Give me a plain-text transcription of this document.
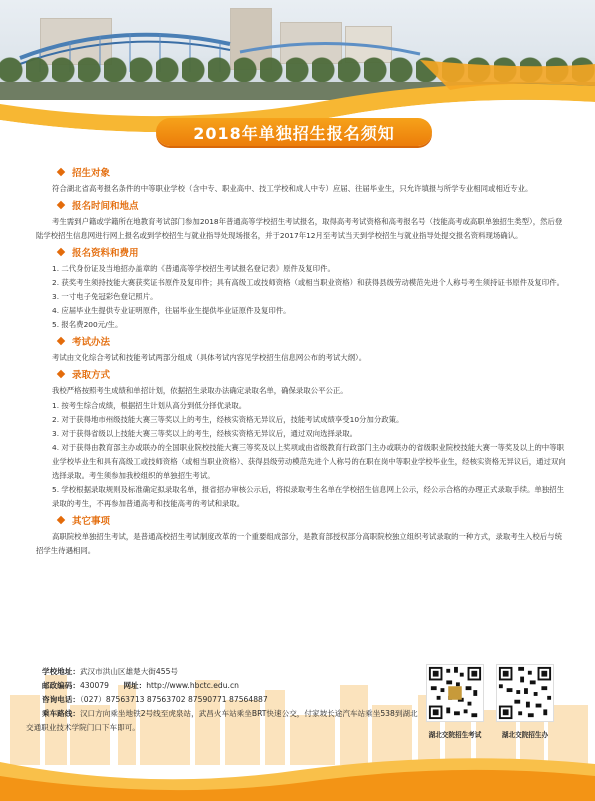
2018年单独招生报名须知
招生对象

符合湖北省高考报名条件的中等职业学校（含中专、职业高中、技工学校和成人中专）应届、往届毕业生，只允许填报与所学专业相同或相近专业。

报名时间和地点

考生需到户籍或学籍所在地教育考试部门参加2018年普通高等学校招生考试报名，取得高考考试资格和高考报名号（技能高考或高职单独招生类型），然后登陆学校招生信息网进行网上报名或到学校招生与就业指导处现场报名，并于2017年12月至考试当天到学校招生与就业指导处提交报名资料现场确认。

报名资料和费用

1. 二代身份证及当地招办盖章的《普通高等学校招生考试报名登记表》原件及复印件。

2. 获奖考生须持技能大赛获奖证书原件及复印件；具有高级工或技师资格（或相当职业资格）和获得县级劳动模范先进个人称号考生须持证书原件及复印件。

3. 一寸电子免冠彩色登记照片。

4. 应届毕业生提供专业证明原件，往届毕业生提供毕业证原件及复印件。

5. 报名费200元/生。

考试办法

考试由文化综合考试和技能考试两部分组成（具体考试内容见学校招生信息网公布的考试大纲）。

录取方式

我校严格按照考生成绩和单招计划，依据招生录取办法确定录取名单，确保录取公平公正。

1. 按考生综合成绩，根据招生计划从高分到低分择优录取。

2. 对于获得地市州级技能大赛三等奖以上的考生，经核实资格无异议后，技能考试成绩享受10分加分政策。

3. 对于获得省级以上技能大赛三等奖以上的考生，经核实资格无异议后，通过双向选择录取。

4. 对于获得由教育部主办或联办的全国职业院校技能大赛三等奖及以上奖项或由省级教育行政部门主办或联办的省级职业院校技能大赛一等奖及以上的中等职业学校毕业生和具有高级工或技师资格（或相当职业资格）、获得县级劳动模范先进个人称号的在职在岗中等职业学校毕业生，经核实资格无异议后，通过双向选择录取。考生须参加我校组织的单独招生考试。

5. 学校根据录取规则及标准确定拟录取名单，报省招办审核公示后，将拟录取考生名单在学校招生信息网上公示，经公示合格的办理正式录取手续。单独招生录取的考生，不再参加普通高考和技能高考的考试和录取。

其它事项

高职院校单独招生考试，是普通高校招生考试制度改革的一个重要组成部分，是教育部授权部分高职院校独立组织考试录取的一种方式，录取考生入校后与统招学生待遇相同。

学校地址：武汉市洪山区雄楚大街455号
邮政编码：430079 网址：http://www.hbctc.edu.cn
咨询电话：（027）87563713 87563702 87590771 87564887
乘车路线：汉口方向乘坐地铁2号线至虎泉站，武昌火车站乘坐BRT快速公交，付家坡长途汽车站乘坐538到湖北交通职业技术学院门口下车即可。
湖北交院招生考试	湖北交院招生办
